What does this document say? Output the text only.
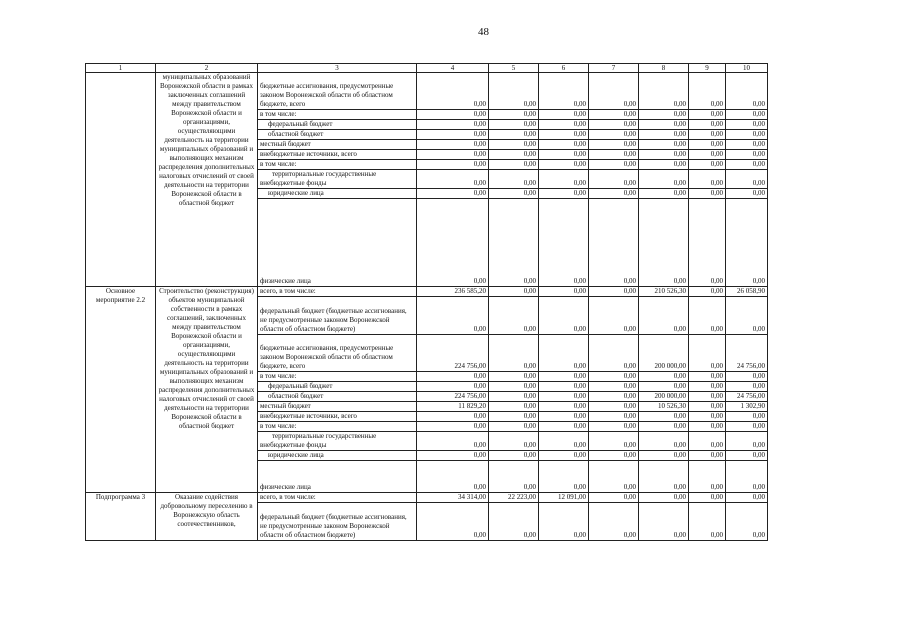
48
1	2	3	4	5	6	7	8	9	10
	муниципальных образований Воронежской области в рамках заключенных соглашений между правительством Воронежской области и организациями, осуществляющими деятельность на территории муниципальных образований и выполняющих механизм распределения дополнительных налоговых отчислений от своей деятельности на территории Воронежской области в областной бюджет	бюджетные ассигнования, предусмотренные законом Воронежской области об областном бюджете, всего	0,00	0,00	0,00	0,00	0,00	0,00	0,00
		в том числе:	0,00	0,00	0,00	0,00	0,00	0,00	0,00
		федеральный бюджет	0,00	0,00	0,00	0,00	0,00	0,00	0,00
		областной бюджет	0,00	0,00	0,00	0,00	0,00	0,00	0,00
		местный бюджет	0,00	0,00	0,00	0,00	0,00	0,00	0,00
		внебюджетные источники, всего	0,00	0,00	0,00	0,00	0,00	0,00	0,00
		в том числе:	0,00	0,00	0,00	0,00	0,00	0,00	0,00
		территориальные государственные внебюджетные фонды	0,00	0,00	0,00	0,00	0,00	0,00	0,00
		юридические лица	0,00	0,00	0,00	0,00	0,00	0,00	0,00
		физические лица	0,00	0,00	0,00	0,00	0,00	0,00	0,00
Основное мероприятие 2.2	Строительство (реконструкция) объектов муниципальной собственности в рамках соглашений, заключенных между правительством Воронежской области и организациями, осуществляющими деятельность на территории муниципальных образований и выполняющих механизм распределения дополнительных налоговых отчислений от своей деятельности на территории Воронежской области в областной бюджет	всего, в том числе:	236 585,20	0,00	0,00	0,00	210 526,30	0,00	26 058,90
		федеральный бюджет (бюджетные ассигнования, не предусмотренные законом Воронежской области об областном бюджете)	0,00	0,00	0,00	0,00	0,00	0,00	0,00
		бюджетные ассигнования, предусмотренные законом Воронежской области об областном бюджете, всего	224 756,00	0,00	0,00	0,00	200 000,00	0,00	24 756,00
		в том числе:	0,00	0,00	0,00	0,00	0,00	0,00	0,00
		федеральный бюджет	0,00	0,00	0,00	0,00	0,00	0,00	0,00
		областной бюджет	224 756,00	0,00	0,00	0,00	200 000,00	0,00	24 756,00
		местный бюджет	11 829,20	0,00	0,00	0,00	10 526,30	0,00	1 302,90
		внебюджетные источники, всего	0,00	0,00	0,00	0,00	0,00	0,00	0,00
		в том числе:	0,00	0,00	0,00	0,00	0,00	0,00	0,00
		территориальные государственные внебюджетные фонды	0,00	0,00	0,00	0,00	0,00	0,00	0,00
		юридические лица	0,00	0,00	0,00	0,00	0,00	0,00	0,00
		физические лица	0,00	0,00	0,00	0,00	0,00	0,00	0,00
Подпрограмма 3	Оказание содействия добровольному переселению в Воронежскую область соотечественников,	всего, в том числе:	34 314,00	22 223,00	12 091,00	0,00	0,00	0,00	0,00
		федеральный бюджет (бюджетные ассигнования, не предусмотренные законом Воронежской области об областном бюджете)	0,00	0,00	0,00	0,00	0,00	0,00	0,00
